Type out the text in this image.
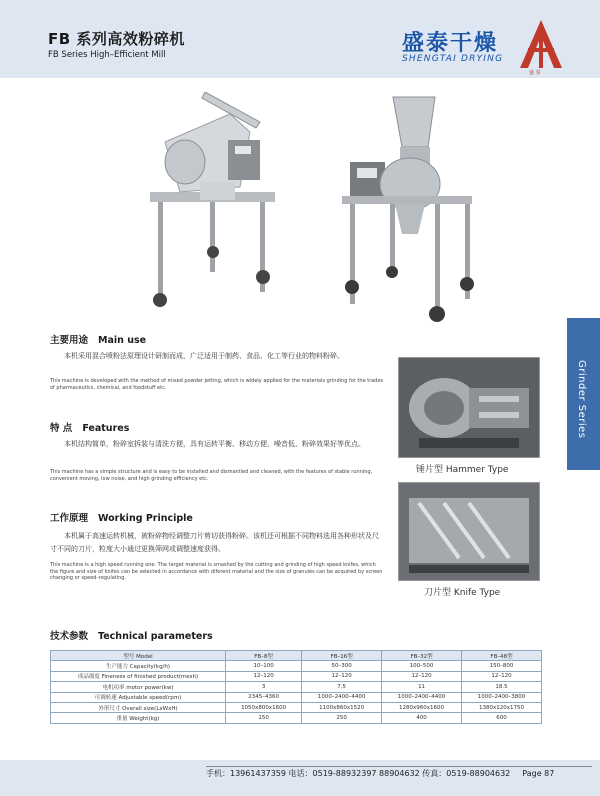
FB 系列高效粉碎机
FB Series High–Efficient Mill	盛泰干燥
SHENGTAI DRYING
盛 泰
Grinder Series
主要用途 Main use
本机采用混合喷粉法原理设计研制而成，广泛适用于制药、食品、化工等行业的物料粉碎。
This machine is developed with the method of mixed powder jetting, which is widely applied for the materials grinding for the trades of pharmaceutics, chemical, and foodstuff etc.
特 点 Features
本机结构简单，粉碎室拆装与清洗方便，具有运转平衡、移动方便、噪音低、粉碎效果好等优点。
This machine has a simple structure and is easy to be installed and dismantled and cleaned, with the features of stable running, convenient moving, low noise, and high grinding efficiency etc.
工作原理 Working Principle
本机属于高速运转机械，被粉碎物经调整刀片剪切获得粉碎。该机还可根据不同物料选用各种形状及尺寸不同的刀片，粒度大小通过更换筛网或调整速度获得。
This machine is a high speed running one. The target material is smashed by the cutting and grinding of high speed knifes, which the figure and size of knifes can be selected in accordance with diferent material and the size of granules can be acquired by screen changing or speed–regulating.
锤片型 Hammer Type
刀片型 Knife Type
技术参数 Technical parameters
型号 Model	FB–8型	FB–16型	FB–32型	FB–48型
生产能力 Capacity(kg/h)	10–100	50–300	100–500	150–800
成品细度 Fineness of finished product(mesh)	12–120	12–120	12–120	12–120
电机功率 motor power(kw)	3	7.5	11	18.5
可调转速 Adjustable speed(rpm)	2345–4360	1000–2400–4400	1000–2400–4400	1000–2400–3800
外形尺寸 Overall size(LxWxH)	1050x800x1600	1100x860x1520	1280x960x1600	1380x120x1750
重量 Weight(kg)	150	250	400	600
手机：13961437359 电话：0519-88932397 88904632 传真：0519-88904632 Page 87
